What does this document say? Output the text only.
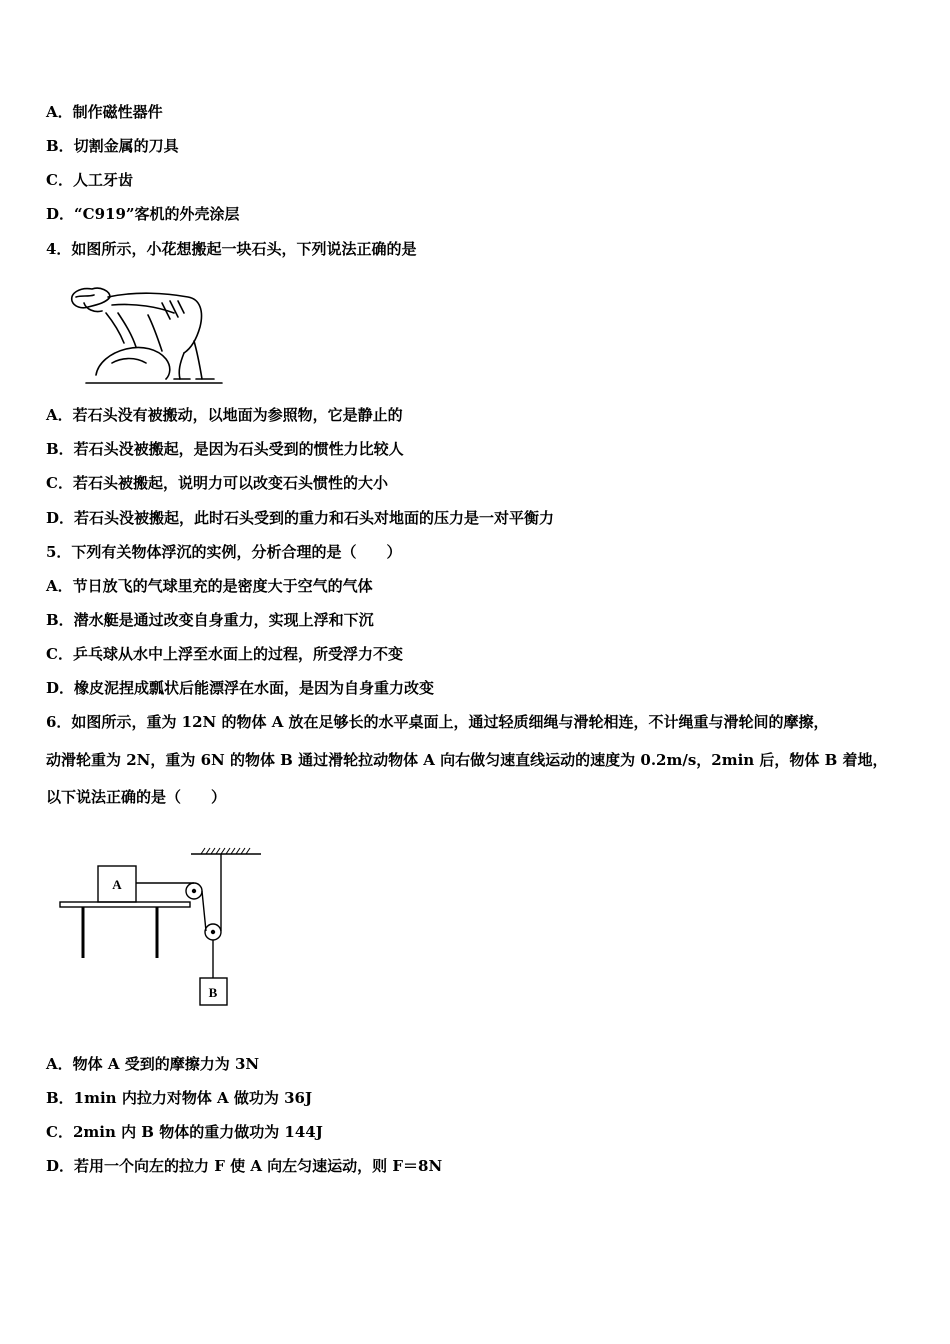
A．制作磁性器件
B．切割金属的刀具
C．人工牙齿
D．“C919”客机的外壳涂层
4．如图所示，小花想搬起一块石头，下列说法正确的是
A．若石头没有被搬动，以地面为参照物，它是静止的
B．若石头没被搬起，是因为石头受到的惯性力比较人
C．若石头被搬起，说明力可以改变石头惯性的大小
D．若石头没被搬起，此时石头受到的重力和石头对地面的压力是一对平衡力
5．下列有关物体浮沉的实例，分析合理的是（　　）
A．节日放飞的气球里充的是密度大于空气的气体
B．潜水艇是通过改变自身重力，实现上浮和下沉
C．乒乓球从水中上浮至水面上的过程，所受浮力不变
D．橡皮泥捏成瓢状后能漂浮在水面，是因为自身重力改变
6．如图所示，重为 12N 的物体 A 放在足够长的水平桌面上，通过轻质细绳与滑轮相连，不计绳重与滑轮间的摩擦，
动滑轮重为 2N，重为 6N 的物体 B 通过滑轮拉动物体 A 向右做匀速直线运动的速度为 0.2m/s，2min 后，物体 B 着地，
以下说法正确的是（　　）
A
B
A．物体 A 受到的摩擦力为 3N
B．1min 内拉力对物体 A 做功为 36J
C．2min 内 B 物体的重力做功为 144J
D．若用一个向左的拉力 F 使 A 向左匀速运动，则 F＝8N
